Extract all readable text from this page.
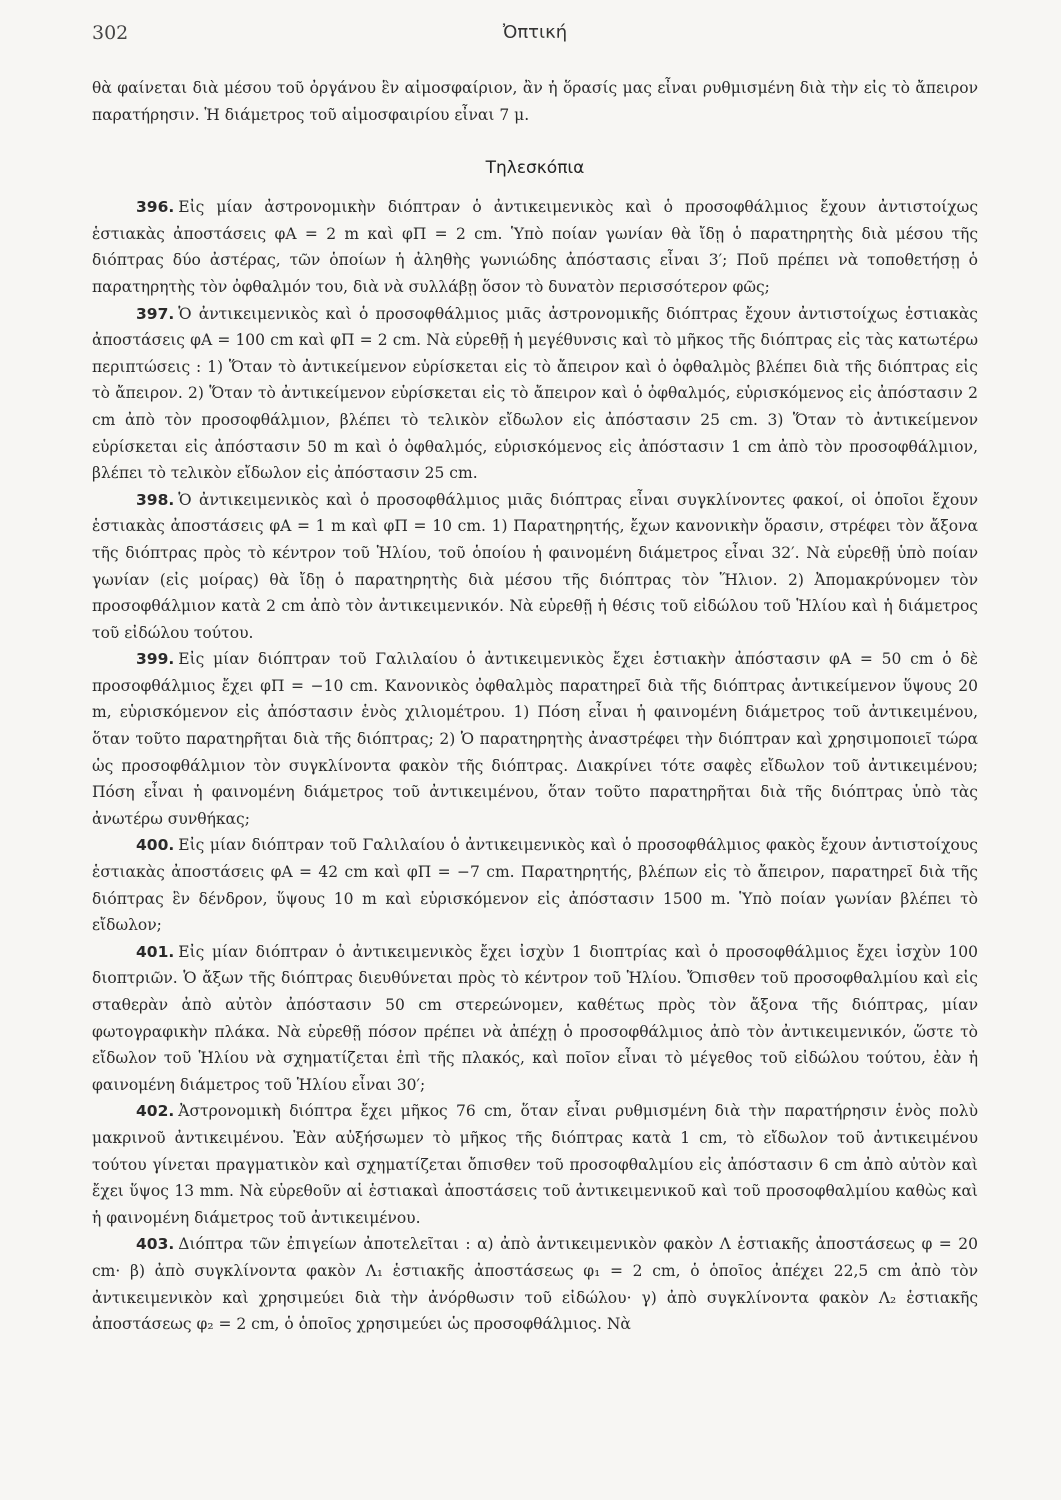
302	Ὀπτική

θὰ φαίνεται διὰ μέσου τοῦ ὀργάνου ἓν αἱμοσφαίριον, ἂν ἡ ὅρασίς μας εἶναι ρυθμισμένη διὰ τὴν εἰς τὸ ἄπειρον παρατήρησιν. Ἡ διάμετρος τοῦ αἱμοσφαιρίου εἶναι 7 μ.

Τηλεσκόπια

396. Εἰς μίαν ἀστρονομικὴν διόπτραν ὁ ἀντικειμενικὸς καὶ ὁ προσοφθάλμιος ἔχουν ἀντιστοίχως ἑστιακὰς ἀποστάσεις φA = 2 m καὶ φΠ = 2 cm. Ὑπὸ ποίαν γωνίαν θὰ ἴδῃ ὁ παρατηρητὴς διὰ μέσου τῆς διόπτρας δύο ἀστέρας, τῶν ὁποίων ἡ ἀληθὴς γωνιώδης ἀπόστασις εἶναι 3′; Ποῦ πρέπει νὰ τοποθετήσῃ ὁ παρατηρητὴς τὸν ὀφθαλμόν του, διὰ νὰ συλλάβῃ ὅσον τὸ δυνατὸν περισσότερον φῶς;

397. Ὁ ἀντικειμενικὸς καὶ ὁ προσοφθάλμιος μιᾶς ἀστρονομικῆς διόπτρας ἔχουν ἀντιστοίχως ἑστιακὰς ἀποστάσεις φA = 100 cm καὶ φΠ = 2 cm. Νὰ εὑρεθῇ ἡ μεγέθυνσις καὶ τὸ μῆκος τῆς διόπτρας εἰς τὰς κατωτέρω περιπτώσεις : 1) Ὅταν τὸ ἀντικείμενον εὑρίσκεται εἰς τὸ ἄπειρον καὶ ὁ ὀφθαλμὸς βλέπει διὰ τῆς διόπτρας εἰς τὸ ἄπειρον. 2) Ὅταν τὸ ἀντικείμενον εὑρίσκεται εἰς τὸ ἄπειρον καὶ ὁ ὀφθαλμός, εὑρισκόμενος εἰς ἀπόστασιν 2 cm ἀπὸ τὸν προσοφθάλμιον, βλέπει τὸ τελικὸν εἴδωλον εἰς ἀπόστασιν 25 cm. 3) Ὅταν τὸ ἀντικείμενον εὑρίσκεται εἰς ἀπόστασιν 50 m καὶ ὁ ὀφθαλμός, εὑρισκόμενος εἰς ἀπόστασιν 1 cm ἀπὸ τὸν προσοφθάλμιον, βλέπει τὸ τελικὸν εἴδωλον εἰς ἀπόστασιν 25 cm.

398. Ὁ ἀντικειμενικὸς καὶ ὁ προσοφθάλμιος μιᾶς διόπτρας εἶναι συγκλίνοντες φακοί, οἱ ὁποῖοι ἔχουν ἑστιακὰς ἀποστάσεις φA = 1 m καὶ φΠ = 10 cm. 1) Παρατηρητής, ἔχων κανονικὴν ὅρασιν, στρέφει τὸν ἄξονα τῆς διόπτρας πρὸς τὸ κέντρον τοῦ Ἡλίου, τοῦ ὁποίου ἡ φαινομένη διάμετρος εἶναι 32′. Νὰ εὑρεθῇ ὑπὸ ποίαν γωνίαν (εἰς μοίρας) θὰ ἴδῃ ὁ παρατηρητὴς διὰ μέσου τῆς διόπτρας τὸν Ἥλιον. 2) Ἀπομακρύνομεν τὸν προσοφθάλμιον κατὰ 2 cm ἀπὸ τὸν ἀντικειμενικόν. Νὰ εὑρεθῇ ἡ θέσις τοῦ εἰδώλου τοῦ Ἡλίου καὶ ἡ διάμετρος τοῦ εἰδώλου τούτου.

399. Εἰς μίαν διόπτραν τοῦ Γαλιλαίου ὁ ἀντικειμενικὸς ἔχει ἑστιακὴν ἀπόστασιν φA = 50 cm ὁ δὲ προσοφθάλμιος ἔχει φΠ = −10 cm. Κανονικὸς ὀφθαλμὸς παρατηρεῖ διὰ τῆς διόπτρας ἀντικείμενον ὕψους 20 m, εὑρισκόμενον εἰς ἀπόστασιν ἑνὸς χιλιομέτρου. 1) Πόση εἶναι ἡ φαινομένη διάμετρος τοῦ ἀντικειμένου, ὅταν τοῦτο παρατηρῆται διὰ τῆς διόπτρας; 2) Ὁ παρατηρητὴς ἀναστρέφει τὴν διόπτραν καὶ χρησιμοποιεῖ τώρα ὡς προσοφθάλμιον τὸν συγκλίνοντα φακὸν τῆς διόπτρας. Διακρίνει τότε σαφὲς εἴδωλον τοῦ ἀντικειμένου; Πόση εἶναι ἡ φαινομένη διάμετρος τοῦ ἀντικειμένου, ὅταν τοῦτο παρατηρῆται διὰ τῆς διόπτρας ὑπὸ τὰς ἀνωτέρω συνθήκας;

400. Εἰς μίαν διόπτραν τοῦ Γαλιλαίου ὁ ἀντικειμενικὸς καὶ ὁ προσοφθάλμιος φακὸς ἔχουν ἀντιστοίχους ἑστιακὰς ἀποστάσεις φA = 42 cm καὶ φΠ = −7 cm. Παρατηρητής, βλέπων εἰς τὸ ἄπειρον, παρατηρεῖ διὰ τῆς διόπτρας ἓν δένδρον, ὕψους 10 m καὶ εὑρισκόμενον εἰς ἀπόστασιν 1500 m. Ὑπὸ ποίαν γωνίαν βλέπει τὸ εἴδωλον;

401. Εἰς μίαν διόπτραν ὁ ἀντικειμενικὸς ἔχει ἰσχὺν 1 διοπτρίας καὶ ὁ προσοφθάλμιος ἔχει ἰσχὺν 100 διοπτριῶν. Ὁ ἄξων τῆς διόπτρας διευθύνεται πρὸς τὸ κέντρον τοῦ Ἡλίου. Ὄπισθεν τοῦ προσοφθαλμίου καὶ εἰς σταθερὰν ἀπὸ αὐτὸν ἀπόστασιν 50 cm στερεώνομεν, καθέτως πρὸς τὸν ἄξονα τῆς διόπτρας, μίαν φωτογραφικὴν πλάκα. Νὰ εὑρεθῇ πόσον πρέπει νὰ ἀπέχῃ ὁ προσοφθάλμιος ἀπὸ τὸν ἀντικειμενικόν, ὥστε τὸ εἴδωλον τοῦ Ἡλίου νὰ σχηματίζεται ἐπὶ τῆς πλακός, καὶ ποῖον εἶναι τὸ μέγεθος τοῦ εἰδώλου τούτου, ἐὰν ἡ φαινομένη διάμετρος τοῦ Ἡλίου εἶναι 30′;

402. Ἀστρονομικὴ διόπτρα ἔχει μῆκος 76 cm, ὅταν εἶναι ρυθμισμένη διὰ τὴν παρατήρησιν ἑνὸς πολὺ μακρινοῦ ἀντικειμένου. Ἐὰν αὐξήσωμεν τὸ μῆκος τῆς διόπτρας κατὰ 1 cm, τὸ εἴδωλον τοῦ ἀντικειμένου τούτου γίνεται πραγματικὸν καὶ σχηματίζεται ὄπισθεν τοῦ προσοφθαλμίου εἰς ἀπόστασιν 6 cm ἀπὸ αὐτὸν καὶ ἔχει ὕψος 13 mm. Νὰ εὑρεθοῦν αἱ ἑστιακαὶ ἀποστάσεις τοῦ ἀντικειμενικοῦ καὶ τοῦ προσοφθαλμίου καθὼς καὶ ἡ φαινομένη διάμετρος τοῦ ἀντικειμένου.

403. Διόπτρα τῶν ἐπιγείων ἀποτελεῖται : α) ἀπὸ ἀντικειμενικὸν φακὸν Λ ἑστιακῆς ἀποστάσεως φ = 20 cm· β) ἀπὸ συγκλίνοντα φακὸν Λ₁ ἑστιακῆς ἀποστάσεως φ₁ = 2 cm, ὁ ὁποῖος ἀπέχει 22,5 cm ἀπὸ τὸν ἀντικειμενικὸν καὶ χρησιμεύει διὰ τὴν ἀνόρθωσιν τοῦ εἰδώλου· γ) ἀπὸ συγκλίνοντα φακὸν Λ₂ ἑστιακῆς ἀποστάσεως φ₂ = 2 cm, ὁ ὁποῖος χρησιμεύει ὡς προσοφθάλμιος. Νὰ
